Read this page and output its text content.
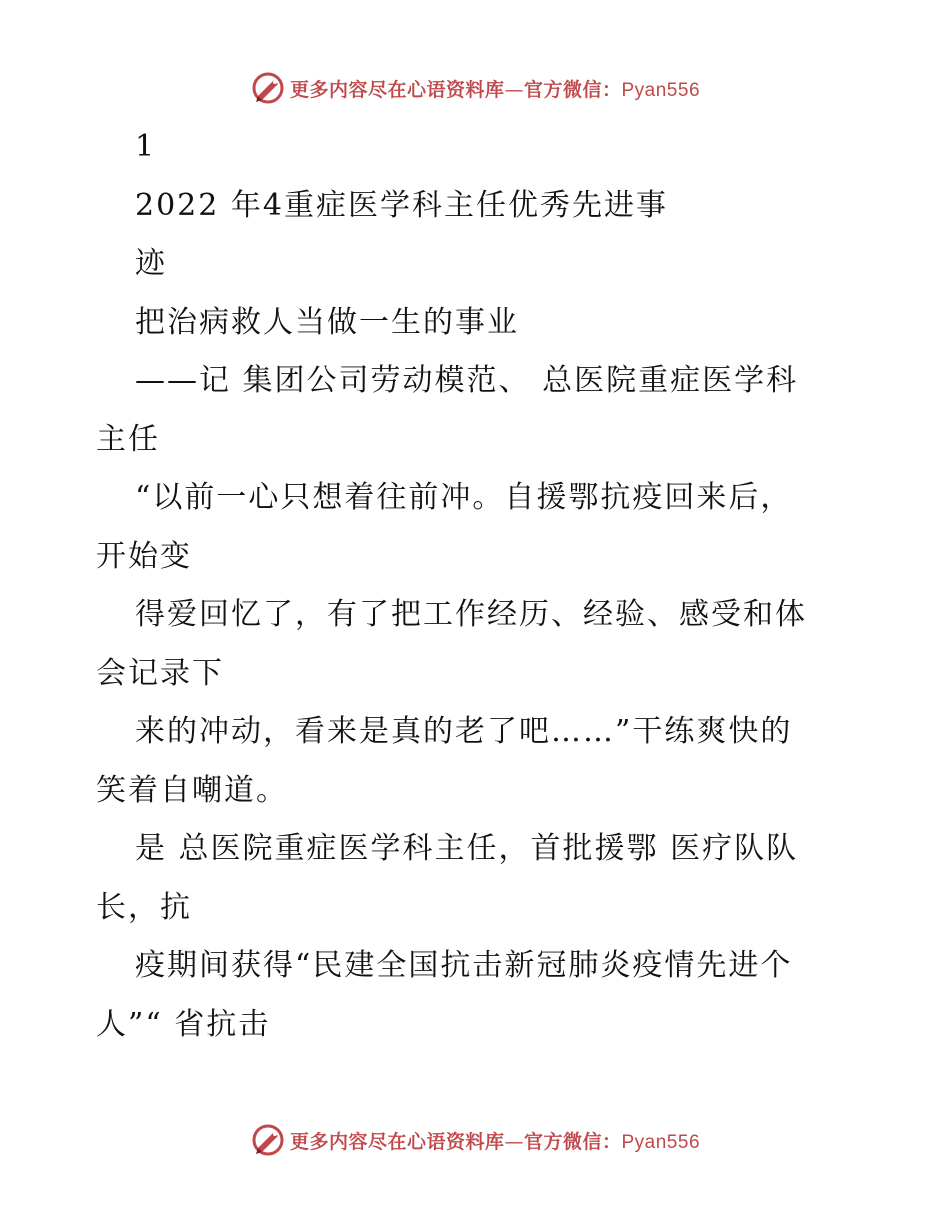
更多内容尽在心语资料库—官方微信：Pyan556
1
2022 年4重症医学科主任优秀先进事
迹
把治病救人当做一生的事业
——记 集团公司劳动模范、 总医院重症医学科
主任
“以前一心只想着往前冲。自援鄂抗疫回来后，
开始变
得爱回忆了，有了把工作经历、经验、感受和体
会记录下
来的冲动，看来是真的老了吧……”干练爽快的
笑着自嘲道。
是 总医院重症医学科主任，首批援鄂 医疗队队
长，抗
疫期间获得“民建全国抗击新冠肺炎疫情先进个
人”“ 省抗击
更多内容尽在心语资料库—官方微信：Pyan556
